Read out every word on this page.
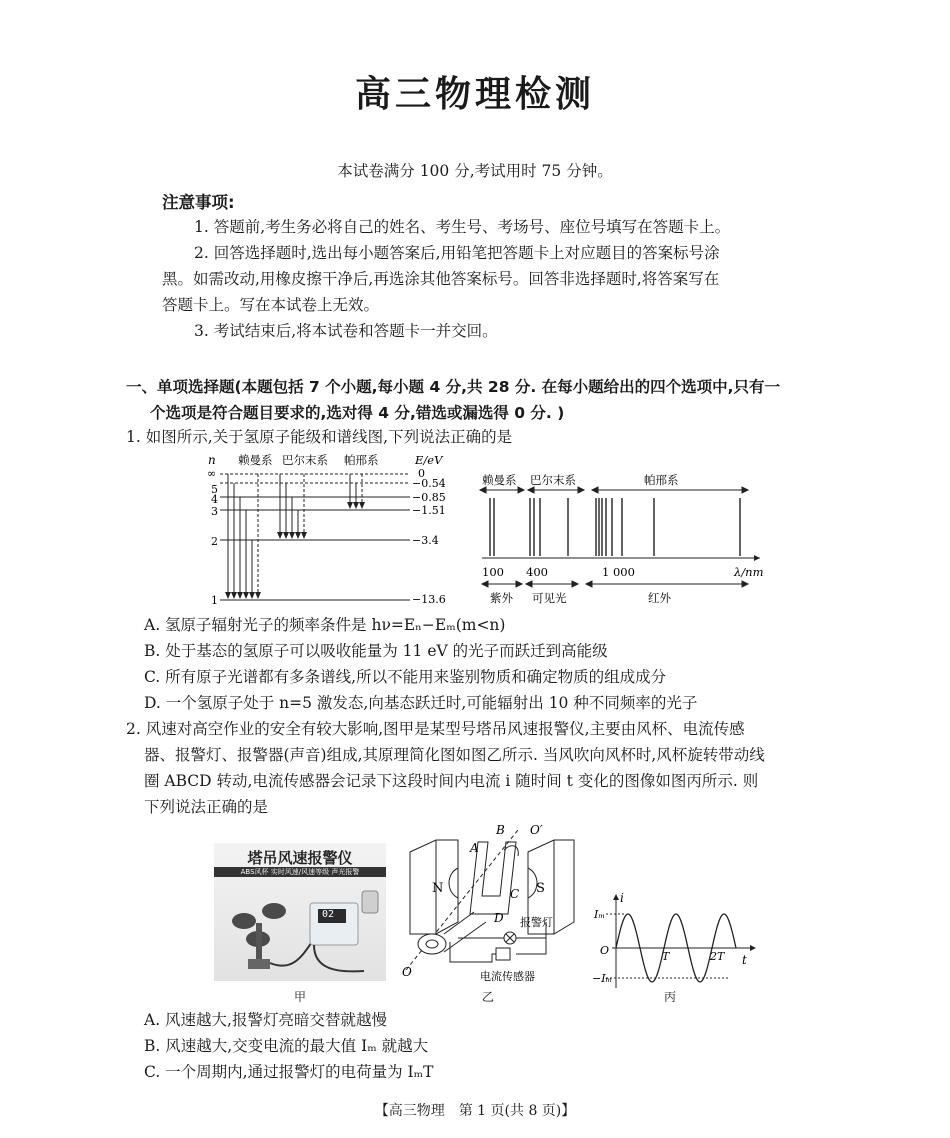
高三物理检测
本试卷满分 100 分,考试用时 75 分钟。
注意事项:
1. 答题前,考生务必将自己的姓名、考生号、考场号、座位号填写在答题卡上。
2. 回答选择题时,选出每小题答案后,用铅笔把答题卡上对应题目的答案标号涂
黑。如需改动,用橡皮擦干净后,再选涂其他答案标号。回答非选择题时,将答案写在
答题卡上。写在本试卷上无效。
3. 考试结束后,将本试卷和答题卡一并交回。
一、单项选择题(本题包括 7 个小题,每小题 4 分,共 28 分. 在每小题给出的四个选项中,只有一
个选项是符合题目要求的,选对得 4 分,错选或漏选得 0 分. )
1. 如图所示,关于氢原子能级和谱线图,下列说法正确的是
n 赖曼系 巴尔末系 帕邢系	E/eV
∞
5
4
3
2
1
0
−0.54
−0.85
−1.51
−3.4
−13.6
赖曼系 巴尔末系	帕邢系
100 400	1 000	λ/nm
紫外 可见光	红外
A. 氢原子辐射光子的频率条件是 hν=Eₙ−Eₘ(m<n)
B. 处于基态的氢原子可以吸收能量为 11 eV 的光子而跃迁到高能级
C. 所有原子光谱都有多条谱线,所以不能用来鉴别物质和确定物质的组成成分
D. 一个氢原子处于 n=5 激发态,向基态跃迁时,可能辐射出 10 种不同频率的光子
2. 风速对高空作业的安全有较大影响,图甲是某型号塔吊风速报警仪,主要由风杯、电流传感
器、报警灯、报警器(声音)组成,其原理简化图如图乙所示. 当风吹向风杯时,风杯旋转带动线
圈 ABCD 转动,电流传感器会记录下这段时间内电流 i 随时间 t 变化的图像如图丙所示. 则
下列说法正确的是
塔吊风速报警仪
ABS风杯 实时风速/风速等级 声光报警
02
B O′
A
N	S
C
D
O
报警灯
电流传感器
i
t
Iₘ
O
−Iₘ
T	2T
甲	乙	丙
A. 风速越大,报警灯亮暗交替就越慢
B. 风速越大,交变电流的最大值 Iₘ 就越大
C. 一个周期内,通过报警灯的电荷量为 IₘT
【高三物理　第 1 页(共 8 页)】
